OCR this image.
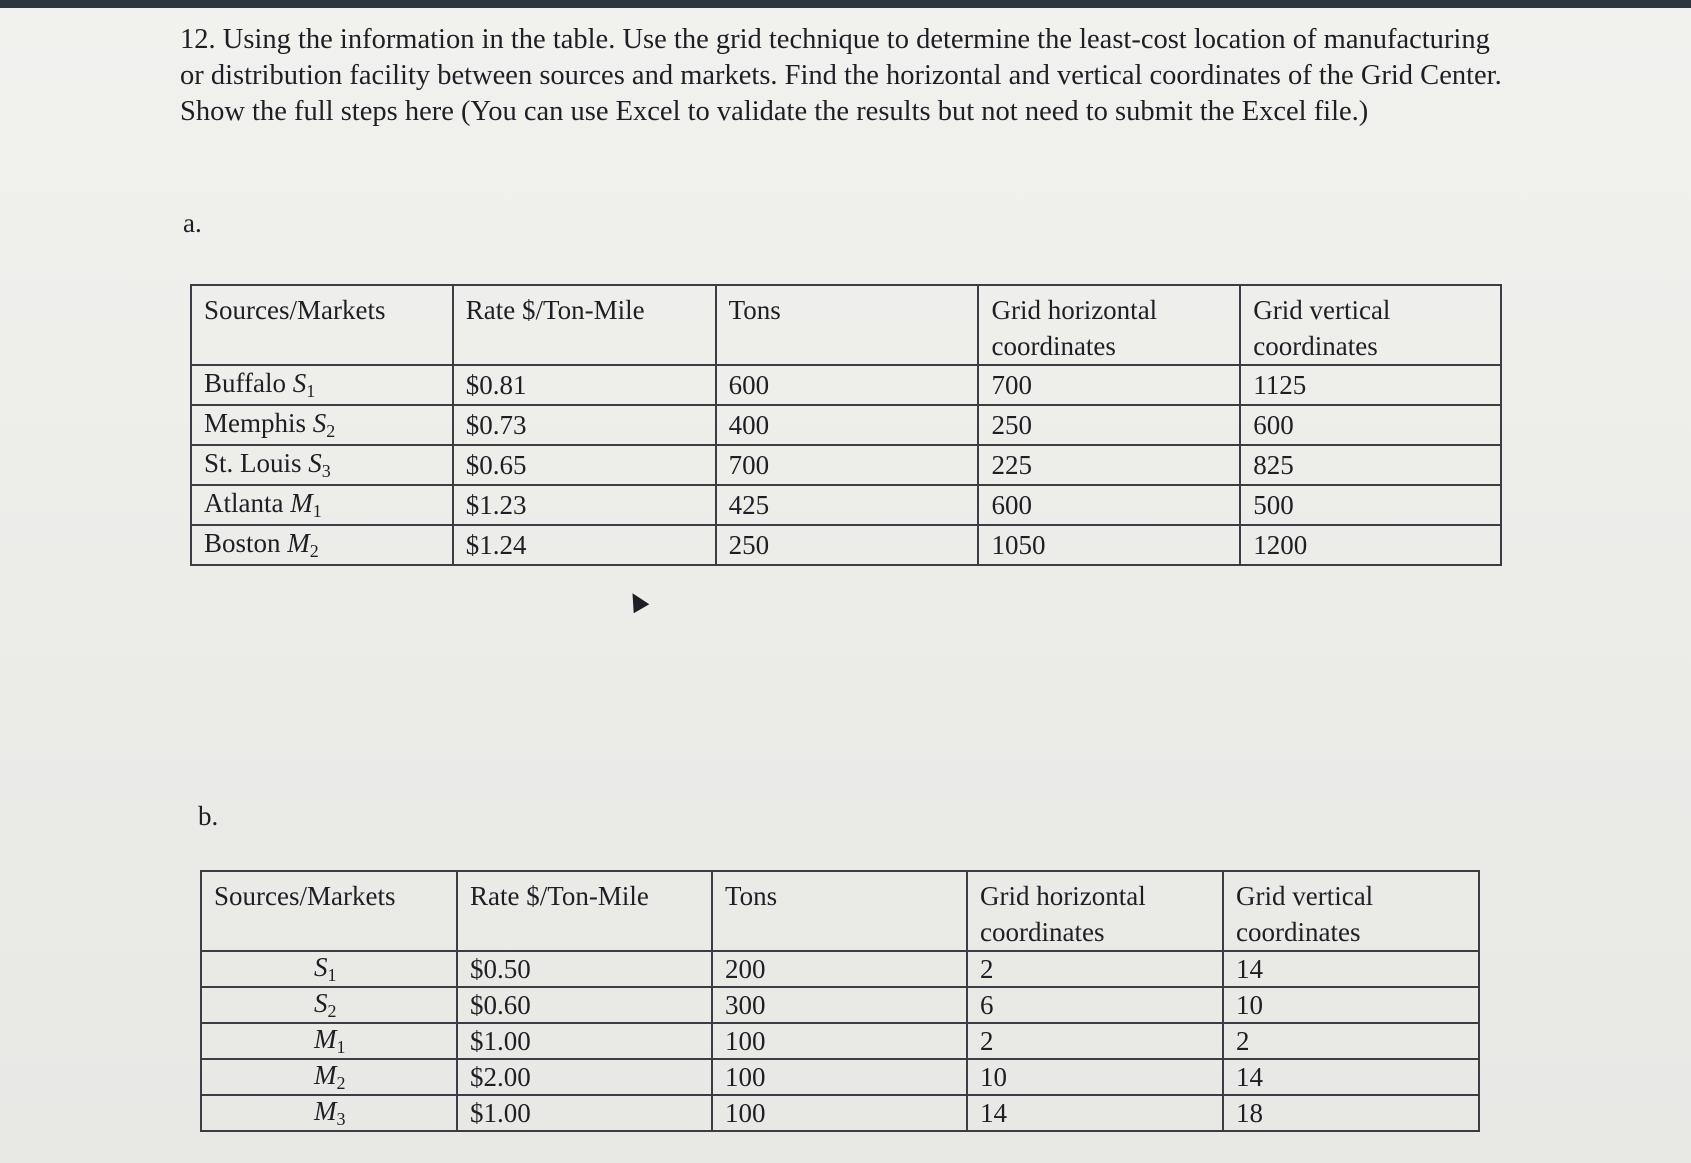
12. Using the information in the table. Use the grid technique to determine the least-cost location of manufacturing or distribution facility between sources and markets. Find the horizontal and vertical coordinates of the Grid Center. Show the full steps here (You can use Excel to validate the results but not need to submit the Excel file.)

a.
Sources/Markets	Rate $/Ton-Mile	Tons	Grid horizontal coordinates	Grid vertical coordinates
Buffalo $S_1$	$0.81	600	700	1125
Memphis $S_2$	$0.73	400	250	600
St. Louis $S_3$	$0.65	700	225	825
Atlanta $M_1$	$1.23	425	600	500
Boston $M_2$	$1.24	250	1050	1200
b.
Sources/Markets	Rate $/Ton-Mile	Tons	Grid horizontal coordinates	Grid vertical coordinates
$S_1$	$0.50	200	2	14
$S_2$	$0.60	300	6	10
$M_1$	$1.00	100	2	2
$M_2$	$2.00	100	10	14
$M_3$	$1.00	100	14	18
